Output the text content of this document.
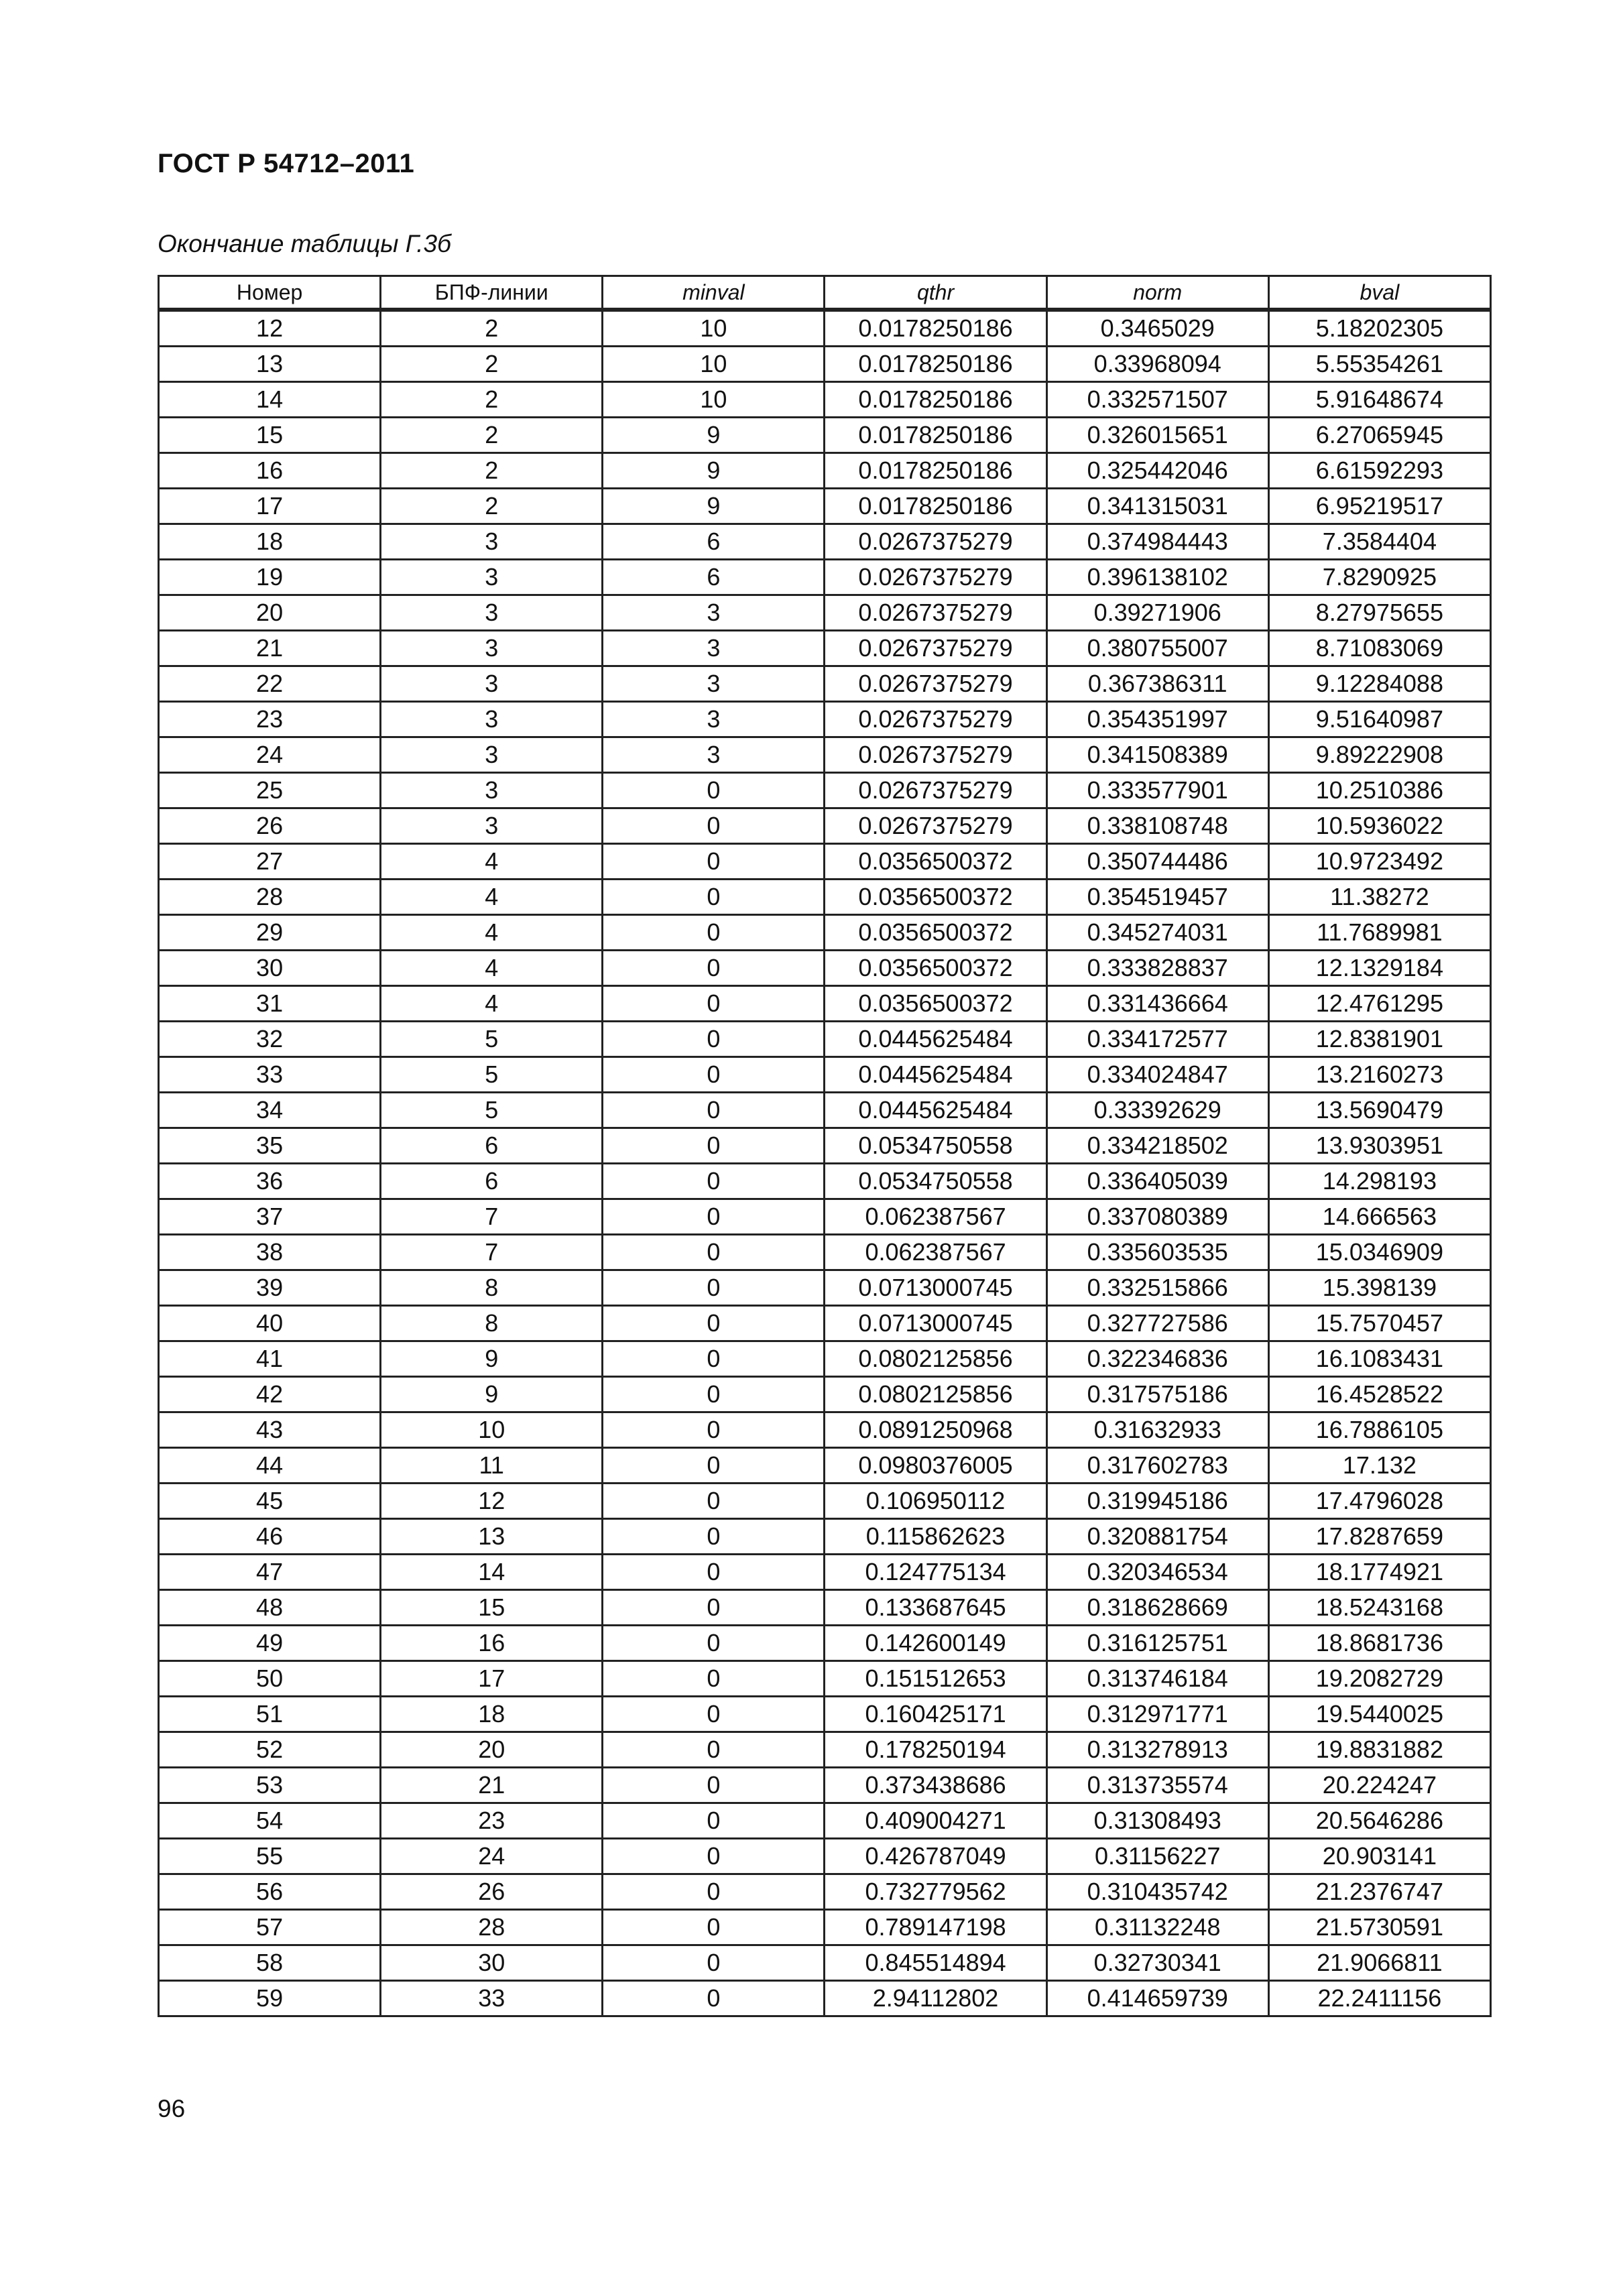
ГОСТ Р 54712–2011
Окончание таблицы Г.3б
Номер	БПФ-линии	minval	qthr	norm	bval
12	2	10	0.0178250186	0.3465029	5.18202305
13	2	10	0.0178250186	0.33968094	5.55354261
14	2	10	0.0178250186	0.332571507	5.91648674
15	2	9	0.0178250186	0.326015651	6.27065945
16	2	9	0.0178250186	0.325442046	6.61592293
17	2	9	0.0178250186	0.341315031	6.95219517
18	3	6	0.0267375279	0.374984443	7.3584404
19	3	6	0.0267375279	0.396138102	7.8290925
20	3	3	0.0267375279	0.39271906	8.27975655
21	3	3	0.0267375279	0.380755007	8.71083069
22	3	3	0.0267375279	0.367386311	9.12284088
23	3	3	0.0267375279	0.354351997	9.51640987
24	3	3	0.0267375279	0.341508389	9.89222908
25	3	0	0.0267375279	0.333577901	10.2510386
26	3	0	0.0267375279	0.338108748	10.5936022
27	4	0	0.0356500372	0.350744486	10.9723492
28	4	0	0.0356500372	0.354519457	11.38272
29	4	0	0.0356500372	0.345274031	11.7689981
30	4	0	0.0356500372	0.333828837	12.1329184
31	4	0	0.0356500372	0.331436664	12.4761295
32	5	0	0.0445625484	0.334172577	12.8381901
33	5	0	0.0445625484	0.334024847	13.2160273
34	5	0	0.0445625484	0.33392629	13.5690479
35	6	0	0.0534750558	0.334218502	13.9303951
36	6	0	0.0534750558	0.336405039	14.298193
37	7	0	0.062387567	0.337080389	14.666563
38	7	0	0.062387567	0.335603535	15.0346909
39	8	0	0.0713000745	0.332515866	15.398139
40	8	0	0.0713000745	0.327727586	15.7570457
41	9	0	0.0802125856	0.322346836	16.1083431
42	9	0	0.0802125856	0.317575186	16.4528522
43	10	0	0.0891250968	0.31632933	16.7886105
44	11	0	0.0980376005	0.317602783	17.132
45	12	0	0.106950112	0.319945186	17.4796028
46	13	0	0.115862623	0.320881754	17.8287659
47	14	0	0.124775134	0.320346534	18.1774921
48	15	0	0.133687645	0.318628669	18.5243168
49	16	0	0.142600149	0.316125751	18.8681736
50	17	0	0.151512653	0.313746184	19.2082729
51	18	0	0.160425171	0.312971771	19.5440025
52	20	0	0.178250194	0.313278913	19.8831882
53	21	0	0.373438686	0.313735574	20.224247
54	23	0	0.409004271	0.31308493	20.5646286
55	24	0	0.426787049	0.31156227	20.903141
56	26	0	0.732779562	0.310435742	21.2376747
57	28	0	0.789147198	0.31132248	21.5730591
58	30	0	0.845514894	0.32730341	21.9066811
59	33	0	2.94112802	0.414659739	22.2411156
96
